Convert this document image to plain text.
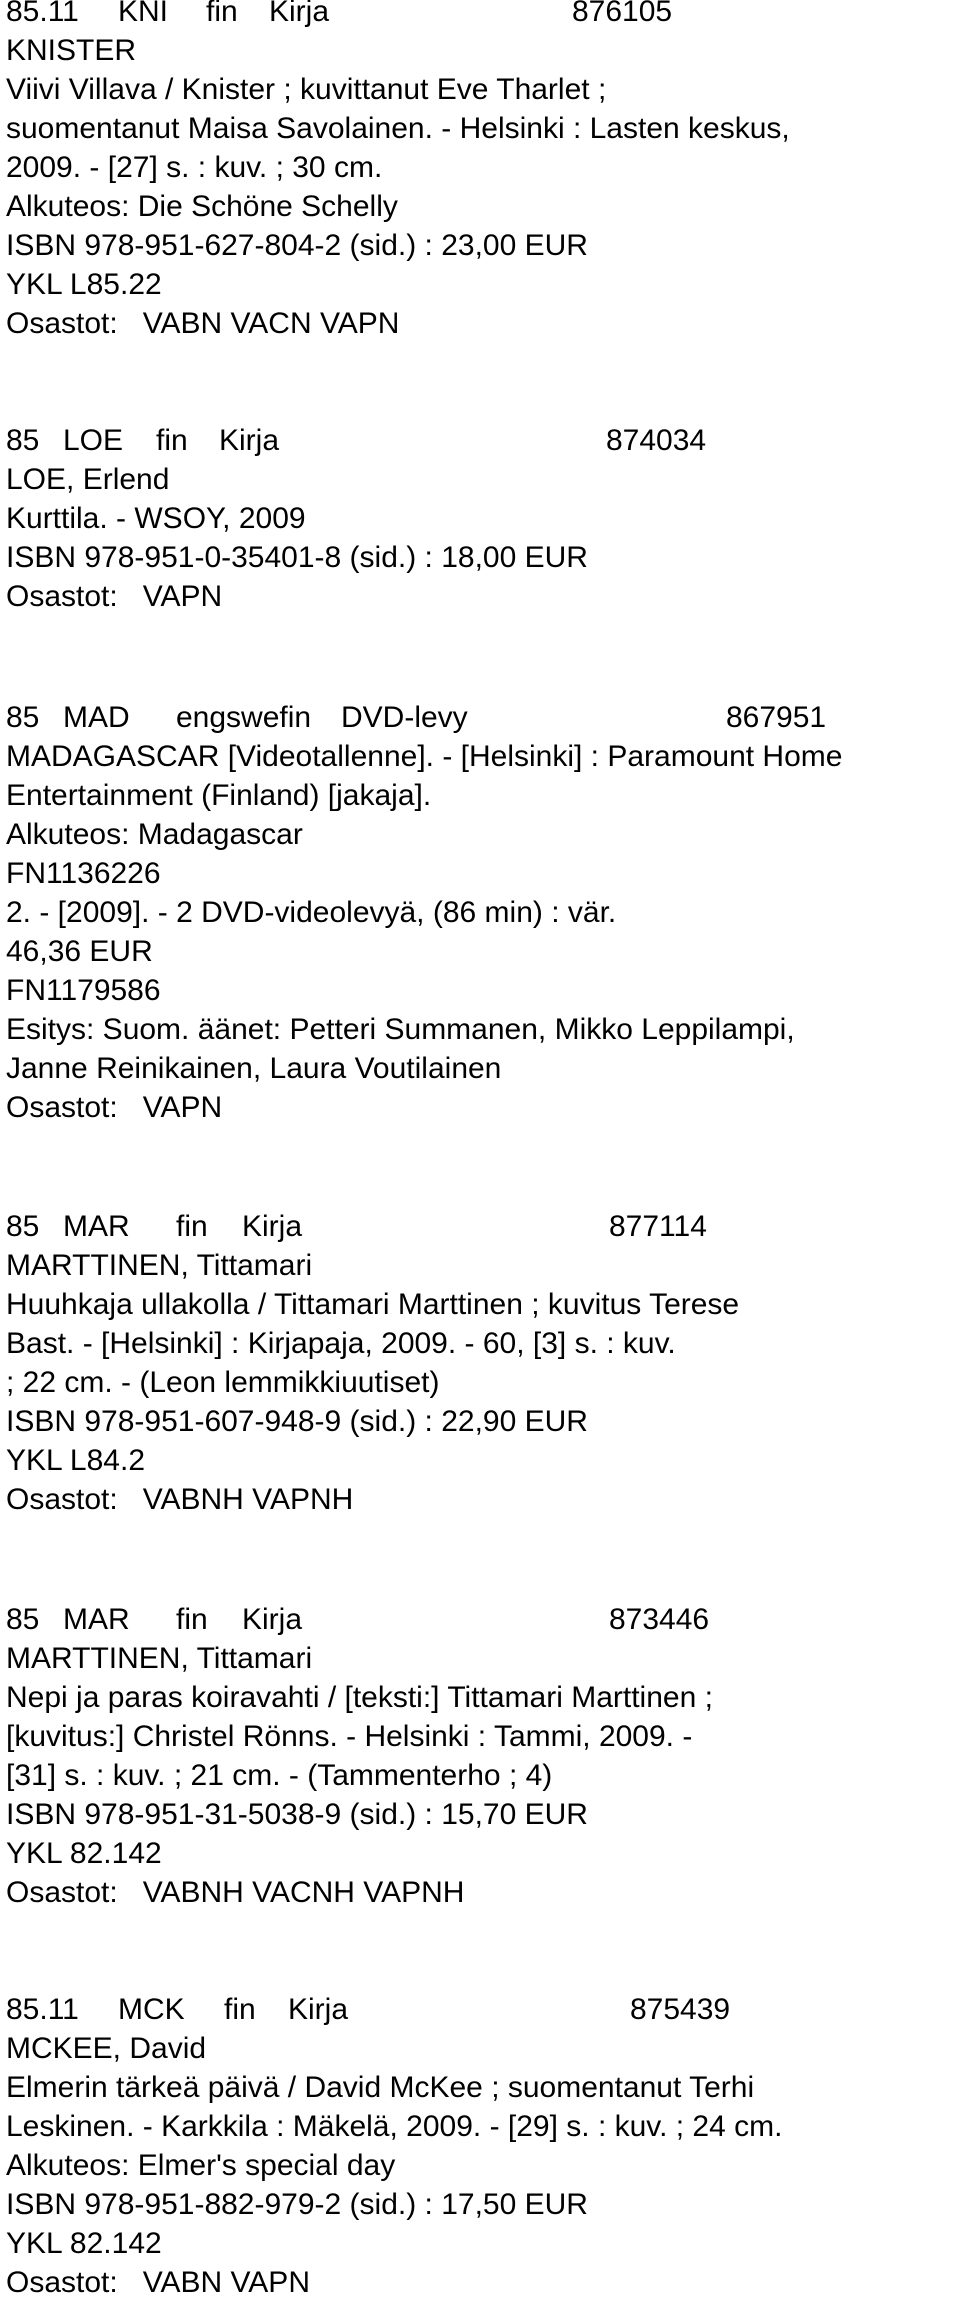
85.11 KNI fin Kirja	876105
KNISTER
Viivi Villava / Knister ; kuvittanut Eve Tharlet ;
suomentanut Maisa Savolainen. - Helsinki : Lasten keskus,
2009. - [27] s. : kuv. ; 30 cm.
Alkuteos: Die Schöne Schelly
ISBN 978-951-627-804-2 (sid.) : 23,00 EUR
YKL L85.22
Osastot:   VABN VACN VAPN
85 LOE fin Kirja	874034
LOE, Erlend
Kurttila. - WSOY, 2009
ISBN 978-951-0-35401-8 (sid.) : 18,00 EUR
Osastot:   VAPN
85 MAD engswefin DVD-levy	867951
MADAGASCAR [Videotallenne]. - [Helsinki] : Paramount Home
Entertainment (Finland) [jakaja].
Alkuteos: Madagascar
FN1136226
2. - [2009]. - 2 DVD-videolevyä, (86 min) : vär.
46,36 EUR
FN1179586
Esitys: Suom. äänet: Petteri Summanen, Mikko Leppilampi,
Janne Reinikainen, Laura Voutilainen
Osastot:   VAPN
85 MAR fin Kirja	877114
MARTTINEN, Tittamari
Huuhkaja ullakolla / Tittamari Marttinen ; kuvitus Terese
Bast. - [Helsinki] : Kirjapaja, 2009. - 60, [3] s. : kuv.
; 22 cm. - (Leon lemmikkiuutiset)
ISBN 978-951-607-948-9 (sid.) : 22,90 EUR
YKL L84.2
Osastot:   VABNH VAPNH
85 MAR fin Kirja	873446
MARTTINEN, Tittamari
Nepi ja paras koiravahti / [teksti:] Tittamari Marttinen ;
[kuvitus:] Christel Rönns. - Helsinki : Tammi, 2009. -
[31] s. : kuv. ; 21 cm. - (Tammenterho ; 4)
ISBN 978-951-31-5038-9 (sid.) : 15,70 EUR
YKL 82.142
Osastot:   VABNH VACNH VAPNH
85.11 MCK fin Kirja	875439
MCKEE, David
Elmerin tärkeä päivä / David McKee ; suomentanut Terhi
Leskinen. - Karkkila : Mäkelä, 2009. - [29] s. : kuv. ; 24 cm.
Alkuteos: Elmer's special day
ISBN 978-951-882-979-2 (sid.) : 17,50 EUR
YKL 82.142
Osastot:   VABN VAPN
